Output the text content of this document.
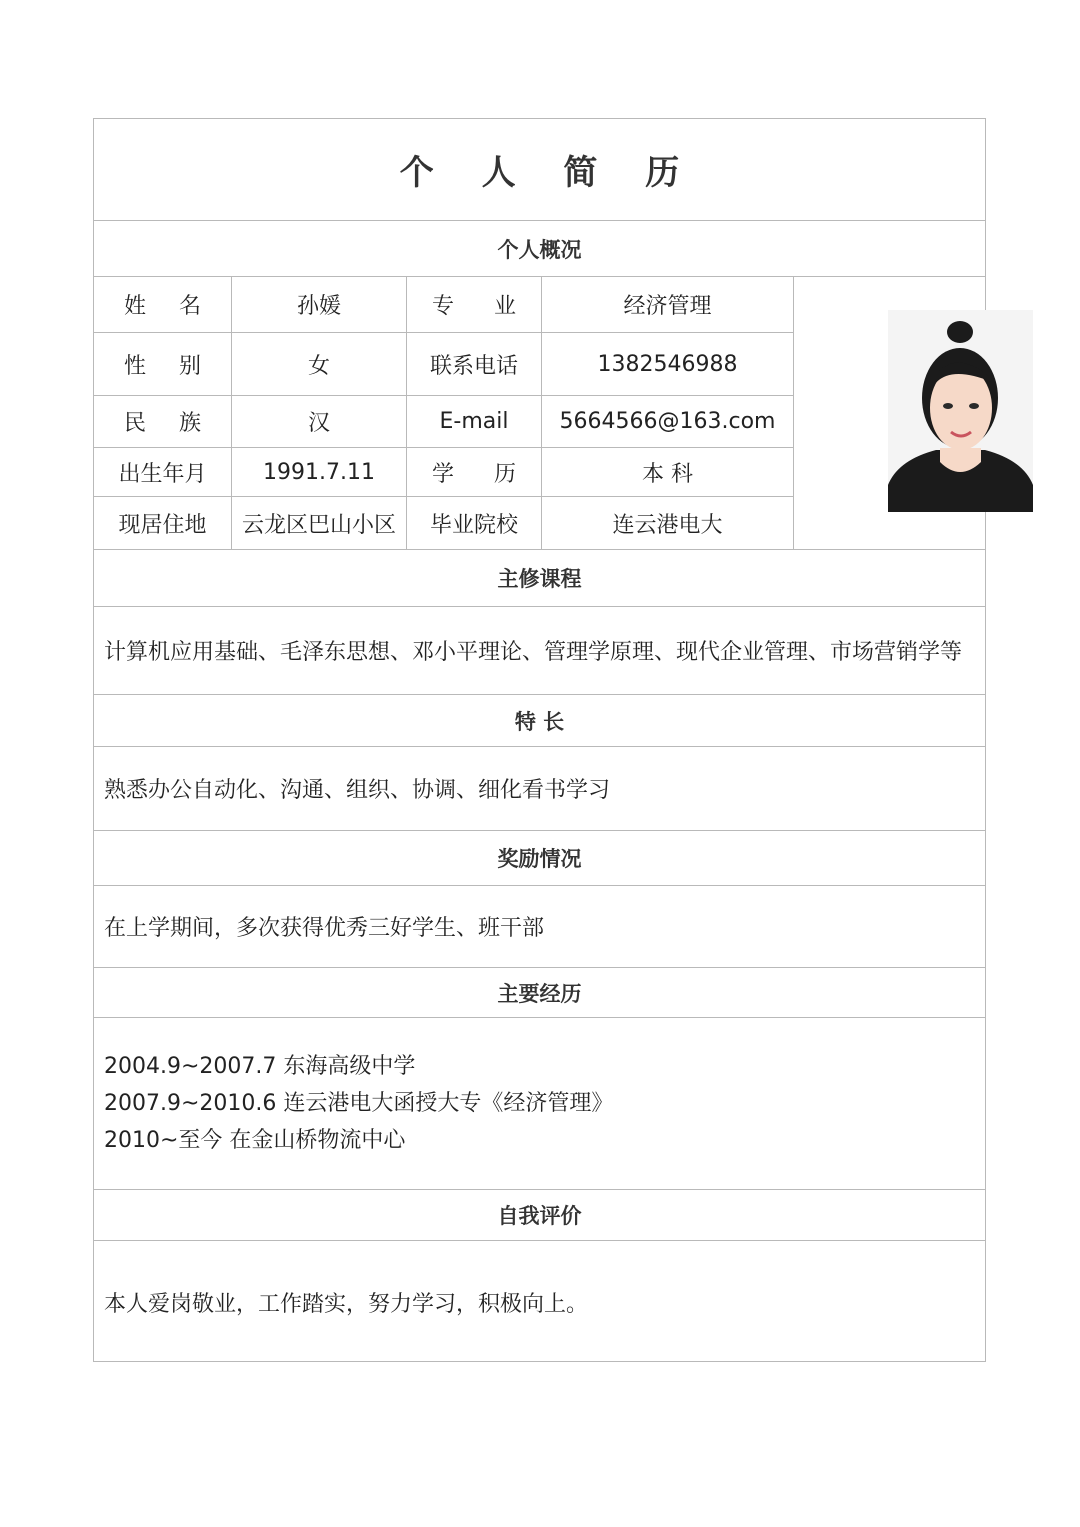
个 人 简 历
个人概况
姓 名	孙媛	专 业	经济管理
性 别	女	联系电话	1382546988
民 族	汉	E-mail	5664566@163.com
出生年月	1991.7.11	学 历	本 科
现居住地	云龙区巴山小区	毕业院校	连云港电大
主修课程
计算机应用基础、毛泽东思想、邓小平理论、管理学原理、现代企业管理、市场营销学等
特 长
熟悉办公自动化、沟通、组织、协调、细化看书学习
奖励情况
在上学期间，多次获得优秀三好学生、班干部
主要经历
2004.9~2007.7 东海高级中学
2007.9~2010.6 连云港电大函授大专《经济管理》
2010~至今 在金山桥物流中心
自我评价
本人爱岗敬业，工作踏实，努力学习，积极向上。
